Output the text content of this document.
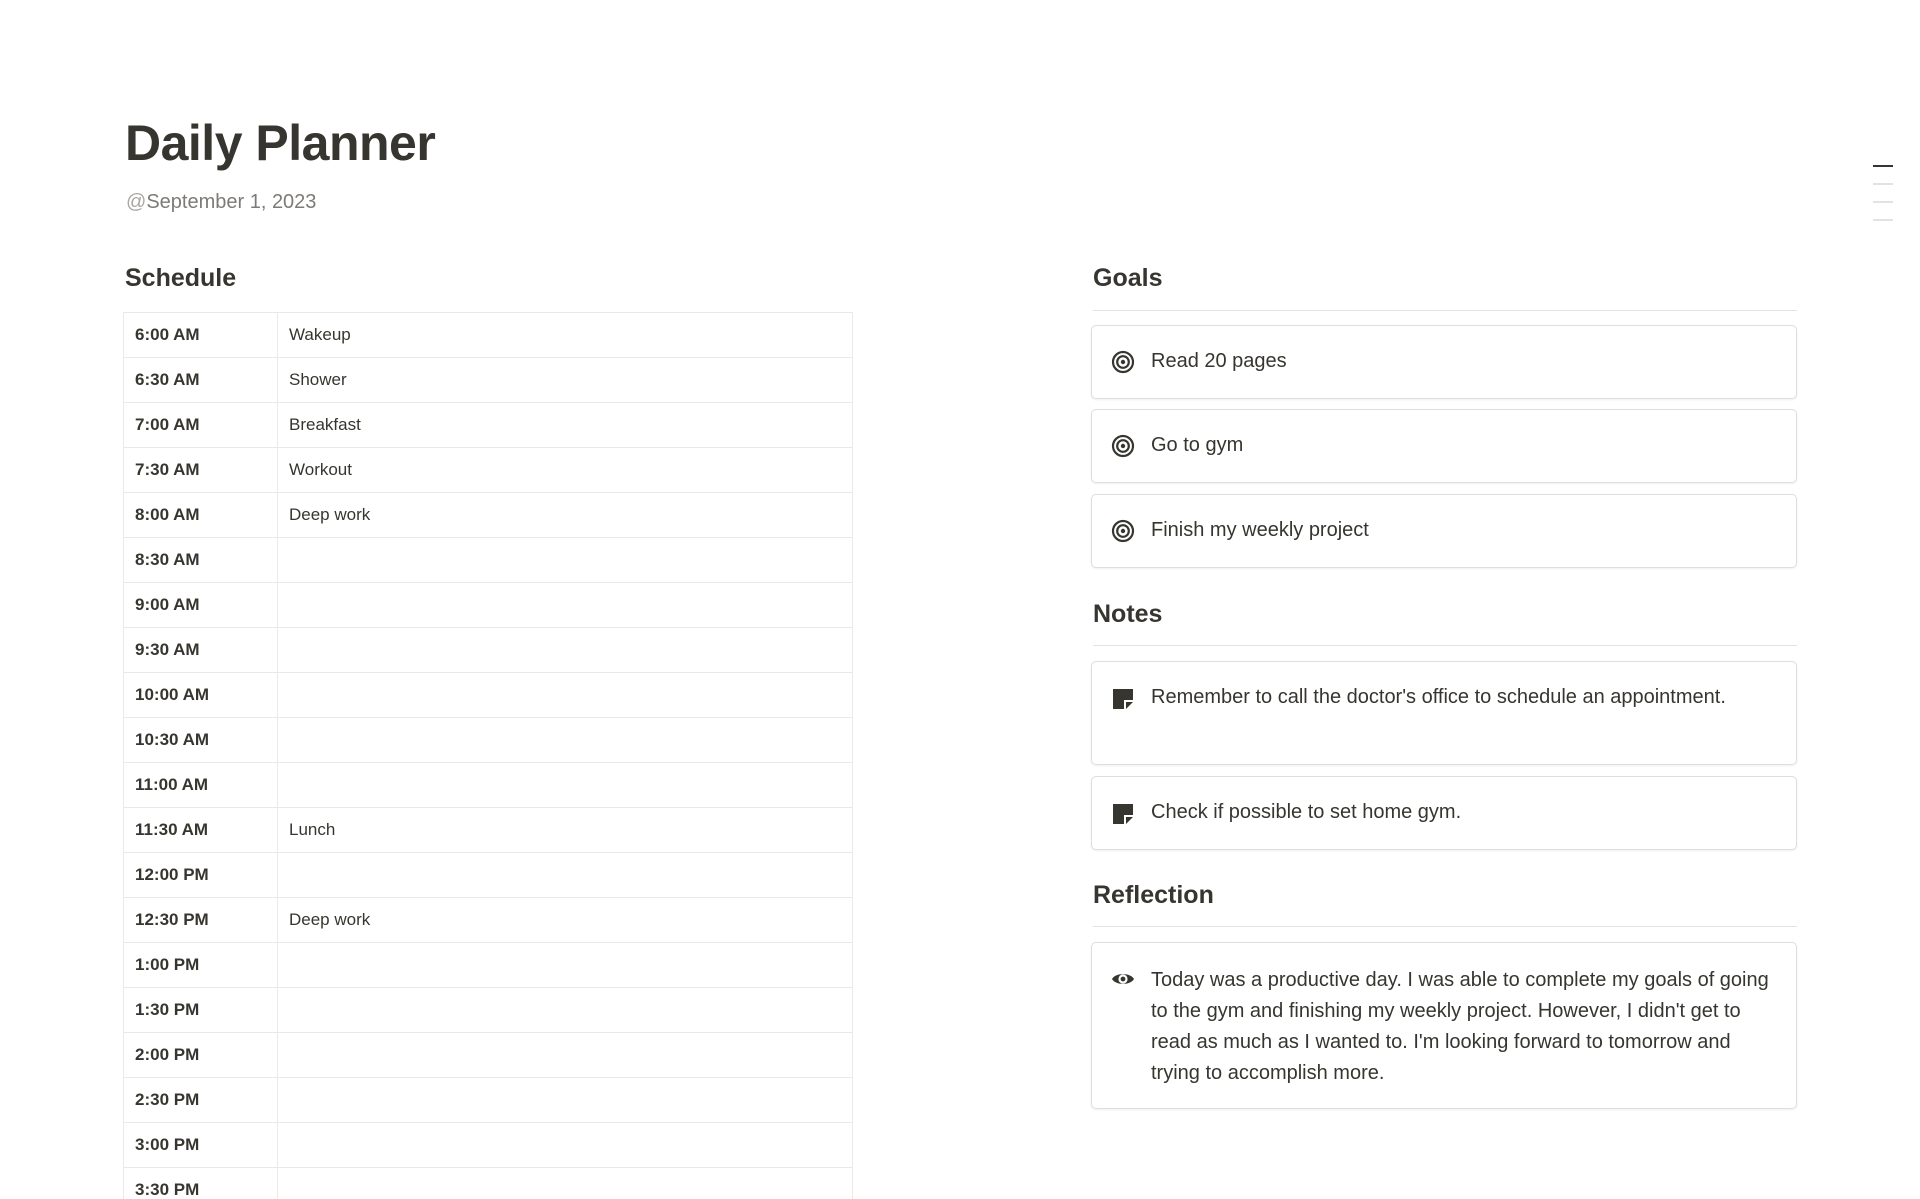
Daily Planner
@September 1, 2023
Schedule
6:00 AM	Wakeup
6:30 AM	Shower
7:00 AM	Breakfast
7:30 AM	Workout
8:00 AM	Deep work
8:30 AM	
9:00 AM	
9:30 AM	
10:00 AM	
10:30 AM	
11:00 AM	
11:30 AM	Lunch
12:00 PM	
12:30 PM	Deep work
1:00 PM	
1:30 PM	
2:00 PM	
2:30 PM	
3:00 PM	
3:30 PM	
Goals
Read 20 pages
Go to gym
Finish my weekly project
Notes
Remember to call the doctor's office to schedule an appointment.
Check if possible to set home gym.
Reflection
Today was a productive day. I was able to complete my goals of going to the gym and finishing my weekly project. However, I didn't get to read as much as I wanted to. I'm looking forward to tomorrow and trying to accomplish more.
